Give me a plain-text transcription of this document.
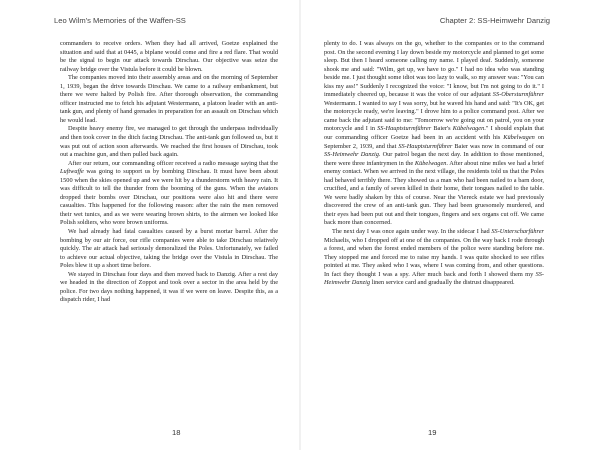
Leo Wilm's Memories of the Waffen-SS

commanders to receive orders. When they had all arrived, Goetze explained the situation and said that at 0445, a biplane would come and fire a red flare. That would be the signal to begin our attack towards Dirschau. Our objective was seize the railway bridge over the Vistula before it could be blown.

The companies moved into their assembly areas and on the morning of September 1, 1939, began the drive towards Dirschau. We came to a railway embankment, but there we were halted by Polish fire. After thorough observation, the commanding officer instructed me to fetch his adjutant Westermann, a platoon leader with an anti-tank gun, and plenty of hand grenades in preparation for an assault on Dirschau which he would lead.

Despite heavy enemy fire, we managed to get through the underpass individually and then took cover in the ditch facing Dirschau. The anti-tank gun followed us, but it was put out of action soon afterwards. We reached the first houses of Dirschau, took out a machine gun, and then pulled back again.

After our return, our commanding officer received a radio message saying that the Luftwaffe was going to support us by bombing Dirschau. It must have been about 1500 when the skies opened up and we were hit by a thunderstorm with heavy rain. It was difficult to tell the thunder from the booming of the guns. When the aviators dropped their bombs over Dirschau, our positions were also hit and there were casualties. This happened for the following reason: after the rain the men removed their wet tunics, and as we were wearing brown shirts, to the airmen we looked like Polish soldiers, who wore brown uniforms.

We had already had fatal casualties caused by a burst mortar barrel. After the bombing by our air force, our rifle companies were able to take Dirschau relatively quickly. The air attack had seriously demoralized the Poles. Unfortunately, we failed to achieve our actual objective, taking the bridge over the Vistula in Dirschau. The Poles blew it up a short time before.

We stayed in Dirschau four days and then moved back to Danzig. After a rest day we headed in the direction of Zoppot and took over a sector in the area held by the police. For two days nothing happened, it was if we were on leave. Despite this, as a dispatch rider, I had

18
Chapter 2: SS-Heimwehr Danzig

plenty to do. I was always on the go, whether to the companies or to the command post. On the second evening I lay down beside my motorcycle and planned to get some sleep. But then I heard someone calling my name. I played deaf. Suddenly, someone shook me and said: "Wilm, get up, we have to go." I had no idea who was standing beside me. I just thought some idiot was too lazy to walk, so my answer was: "You can kiss my ass!" Suddenly I recognized the voice: "I know, but I'm not going to do it." I immediately cheered up, because it was the voice of our adjutant SS-Obersturmführer Westermann. I wanted to say I was sorry, but he waved his hand and said: "It's OK, get the motorcycle ready, we're leaving." I drove him to a police command post. After we came back the adjutant said to me: "Tomorrow we're going out on patrol, you on your motorcycle and I in SS-Hauptsturmführer Baier's Kübelwagen." I should explain that our commanding officer Goetze had been in an accident with his Kübelwagen on September 2, 1939, and that SS-Hauptsturmführer Baier was now in command of our SS-Heimwehr Danzig. Our patrol began the next day. In addition to those mentioned, there were three infantrymen in the Kübelwagen. After about nine miles we had a brief enemy contact. When we arrived in the next village, the residents told us that the Poles had behaved terribly there. They showed us a man who had been nailed to a barn door, crucified, and a family of seven killed in their home, their tongues nailed to the table. We were badly shaken by this of course. Near the Viereck estate we had previously discovered the crew of an anti-tank gun. They had been gruesomely murdered, and their eyes had been put out and their tongues, fingers and sex organs cut off. We came back more than concerned.

The next day I was once again under way. In the sidecar I had SS-Unterscharführer Michaelis, who I dropped off at one of the companies. On the way back I rode through a forest, and when the forest ended members of the police were standing before me. They stopped me and forced me to raise my hands. I was quite shocked to see rifles pointed at me. They asked who I was, where I was coming from, and other questions. In fact they thought I was a spy. After much back and forth I showed them my SS-Heimwehr Danzig linen service card and gradually the distrust disappeared.

19
